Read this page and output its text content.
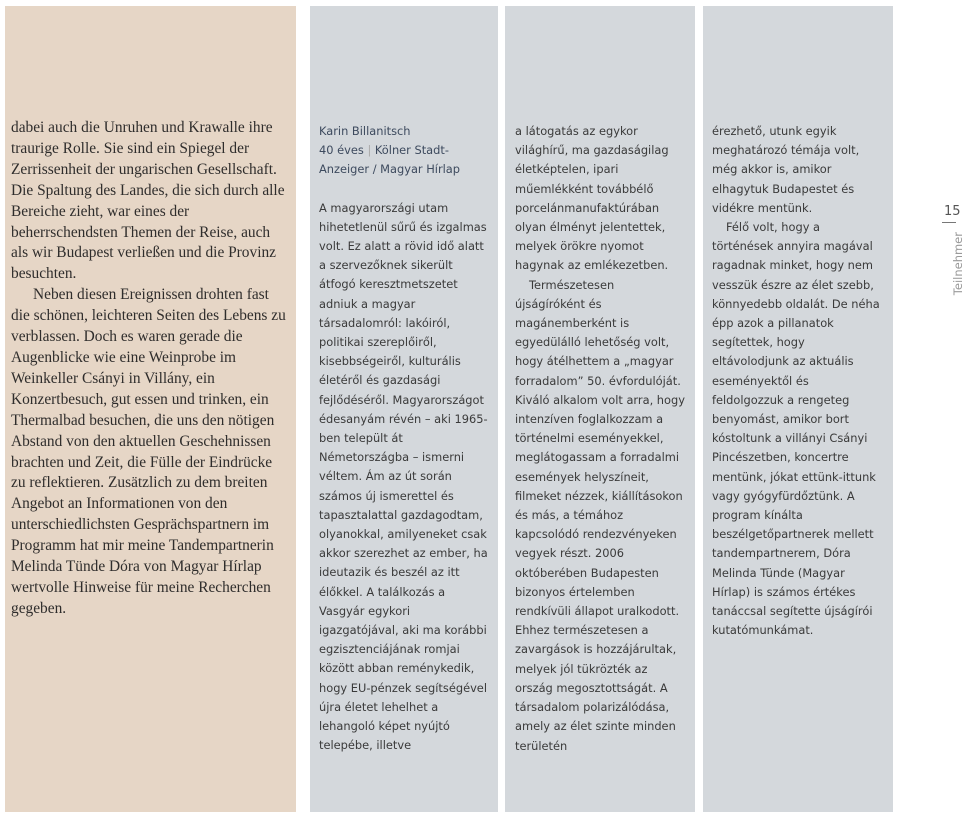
dabei auch die Unruhen und Krawalle ihre traurige Rolle. Sie sind ein Spiegel der Zerrissenheit der ungarischen Gesellschaft. Die Spaltung des Landes, die sich durch alle Bereiche zieht, war eines der beherrschendsten Themen der Reise, auch als wir Budapest verließen und die Provinz besuchten.

Neben diesen Ereignissen drohten fast die schönen, leichteren Seiten des Lebens zu verblassen. Doch es waren gerade die Augenblicke wie eine Weinprobe im Weinkeller Csányi in Villány, ein Konzertbesuch, gut essen und trinken, ein Thermalbad besuchen, die uns den nötigen Abstand von den aktuellen Geschehnissen brachten und Zeit, die Fülle der Eindrücke zu reflektieren. Zusätzlich zu dem breiten Angebot an Informationen von den unterschiedlichsten Gesprächspartnern im Programm hat mir meine Tandempartnerin Melinda Tünde Dóra von Magyar Hírlap wertvolle Hinweise für meine Recherchen gegeben.

Karin Billanitsch

40 éves | Kölner Stadt-Anzeiger / Magyar Hírlap

A magyarországi utam hihetetlenül sűrű és izgalmas volt. Ez alatt a rövid idő alatt a szervezőknek sikerült átfogó keresztmetszetet adniuk a magyar társadalomról: lakóiról, politikai szereplőiről, kisebbségeiről, kulturális életéről és gazdasági fejlődéséről. Magyarországot édesanyám révén – aki 1965-ben települt át Németországba – ismerni véltem. Ám az út során számos új ismerettel és tapasztalattal gazdagodtam, olyanokkal, amilyeneket csak akkor szerezhet az ember, ha ideutazik és beszél az itt élőkkel. A találkozás a Vasgyár egykori igazgatójával, aki ma korábbi egzisztenciájának romjai között abban reménykedik, hogy EU-pénzek segítségével újra életet lehelhet a lehangoló képet nyújtó telepébe, illetve

a látogatás az egykor világhírű, ma gazdaságilag életképtelen, ipari műemlékként továbbélő porcelánmanufaktúrában olyan élményt jelentettek, melyek örökre nyomot hagynak az emlékezetben.

Természetesen újságíróként és magánemberként is egyedülálló lehetőség volt, hogy átélhettem a „magyar forradalom” 50. évfordulóját. Kiváló alkalom volt arra, hogy intenzíven foglalkozzam a történelmi eseményekkel, meglátogassam a forradalmi események helyszíneit, filmeket nézzek, kiállításokon és más, a témához kapcsolódó rendezvényeken vegyek részt. 2006 októberében Budapesten bizonyos értelemben rendkívüli állapot uralkodott. Ehhez természetesen a zavargások is hozzájárultak, melyek jól tükrözték az ország megosztottságát. A társadalom polarizálódása, amely az élet szinte minden területén

érezhető, utunk egyik meghatározó témája volt, még akkor is, amikor elhagytuk Budapestet és vidékre mentünk.

Félő volt, hogy a történések annyira magával ragadnak minket, hogy nem vesszük észre az élet szebb, könnyedebb oldalát. De néha épp azok a pillanatok segítettek, hogy eltávolodjunk az aktuális eseményektől és feldolgozzuk a rengeteg benyomást, amikor bort kóstoltunk a villányi Csányi Pincészetben, koncertre mentünk, jókat ettünk-ittunk vagy gyógyfürdőztünk. A program kínálta beszélgetőpartnerek mellett tandempartnerem, Dóra Melinda Tünde (Magyar Hírlap) is számos értékes tanáccsal segítette újságírói kutatómunkámat.

15
Teilnehmer
